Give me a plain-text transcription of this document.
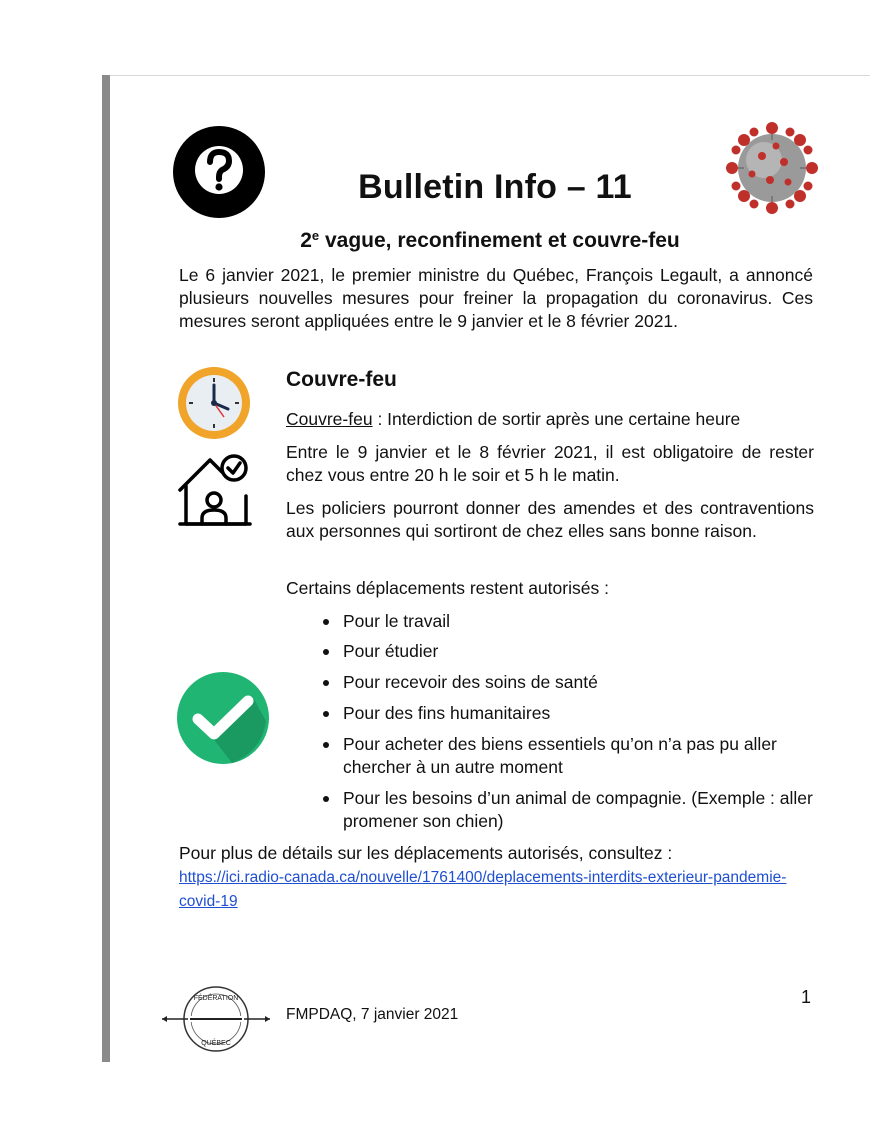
FÉDÉRATION
QUÉBEC
Bulletin Info – 11
2e vague, reconfinement et couvre-feu
Le 6 janvier 2021, le premier ministre du Québec, François Legault, a annoncé plusieurs nouvelles mesures pour freiner la propagation du coronavirus. Ces mesures seront appliquées entre le 9 janvier et le 8 février 2021.
Couvre-feu
Couvre-feu : Interdiction de sortir après une certaine heure
Entre le 9 janvier et le 8 février 2021, il est obligatoire de rester chez vous entre 20 h le soir et 5 h le matin.
Les policiers pourront donner des amendes et des contraventions aux personnes qui sortiront de chez elles sans bonne raison.
Certains déplacements restent autorisés :
Pour le travail
Pour étudier
Pour recevoir des soins de santé
Pour des fins humanitaires
Pour acheter des biens essentiels qu’on n’a pas pu aller chercher à un autre moment
Pour les besoins d’un animal de compagnie. (Exemple : aller promener son chien)
Pour plus de détails sur les déplacements autorisés, consultez :
https://ici.radio-canada.ca/nouvelle/1761400/deplacements-interdits-exterieur-pandemie-covid-19
1
FMPDAQ, 7 janvier 2021
